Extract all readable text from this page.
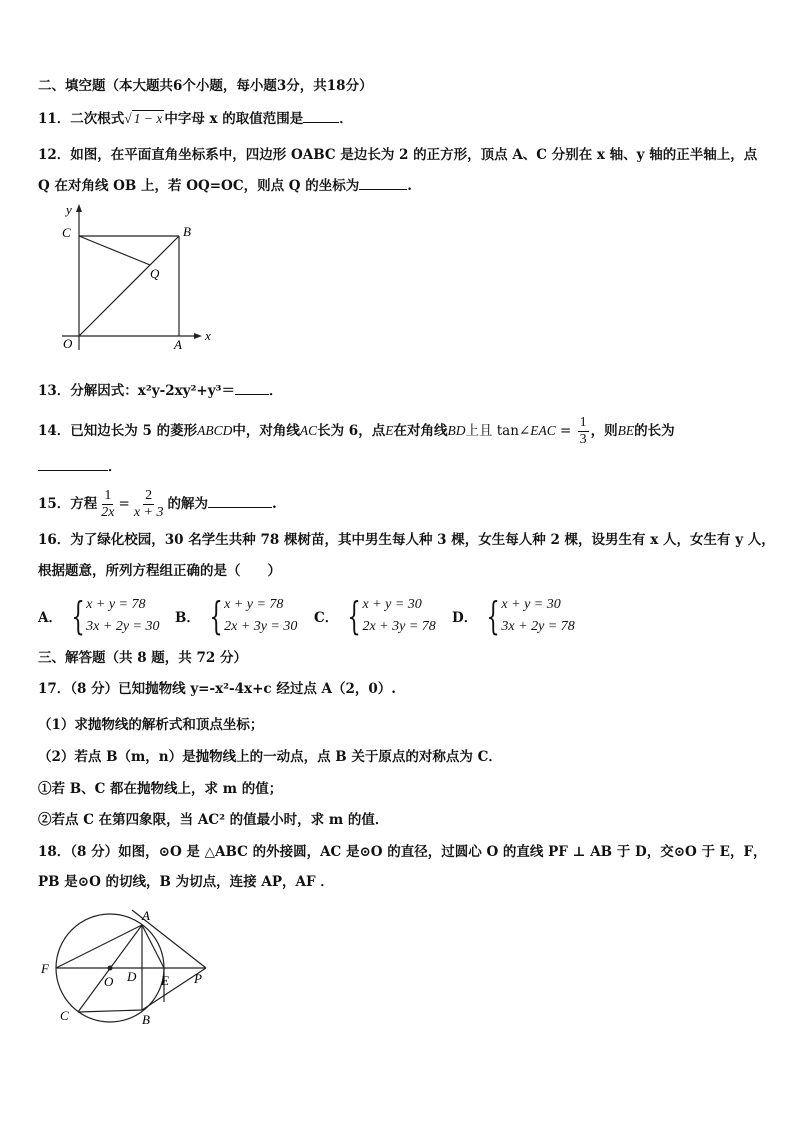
二、填空题（本大题共6个小题，每小题3分，共18分）
11．二次根式√ 1 − x 中字母 x 的取值范围是	．
12．如图，在平面直角坐标系中，四边形 OABC 是边长为 2 的正方形，顶点 A、C 分别在 x 轴、y 轴的正半轴上，点
Q 在对角线 OB 上，若 OQ=OC，则点 Q 的坐标为	.
y
x
C	B
Q
O	A
13．分解因式：x²y-2xy²+y³＝	．
14．已知边长为 5 的菱形ABCD中，对角线AC长为 6，点E在对角线BD上且 tan∠EAC = $\frac{1}{3}$ ，则BE的长为
．
15．方程 $\frac{1}{2x} = \frac{2}{x + 3}$ 的解为	.
16．为了绿化校园，30 名学生共种 78 棵树苗，其中男生每人种 3 棵，女生每人种 2 棵，设男生有 x 人，女生有 y 人，
根据题意，所列方程组正确的是（　　）
A． { x + y = 78
3x + 2y = 30
B． { x + y = 78
2x + 3y = 30
C． { x + y = 30
2x + 3y = 78
D． { x + y = 30
3x + 2y = 78
三、解答题（共 8 题，共 72 分）
17．（8 分）已知抛物线 y=-x²-4x+c 经过点 A（2，0）.
（1）求抛物线的解析式和顶点坐标；
（2）若点 B（m，n）是抛物线上的一动点，点 B 关于原点的对称点为 C．
①若 B、C 都在抛物线上，求 m 的值；
②若点 C 在第四象限，当 AC² 的值最小时，求 m 的值．
18．（8 分）如图，⊙O 是 △ABC 的外接圆，AC 是⊙O 的直径，过圆心 O 的直线 PF ⊥ AB 于 D，交⊙O 于 E，F，
PB 是⊙O 的切线，B 为切点，连接 AP，AF ．
A
F
O D E P
C	B
